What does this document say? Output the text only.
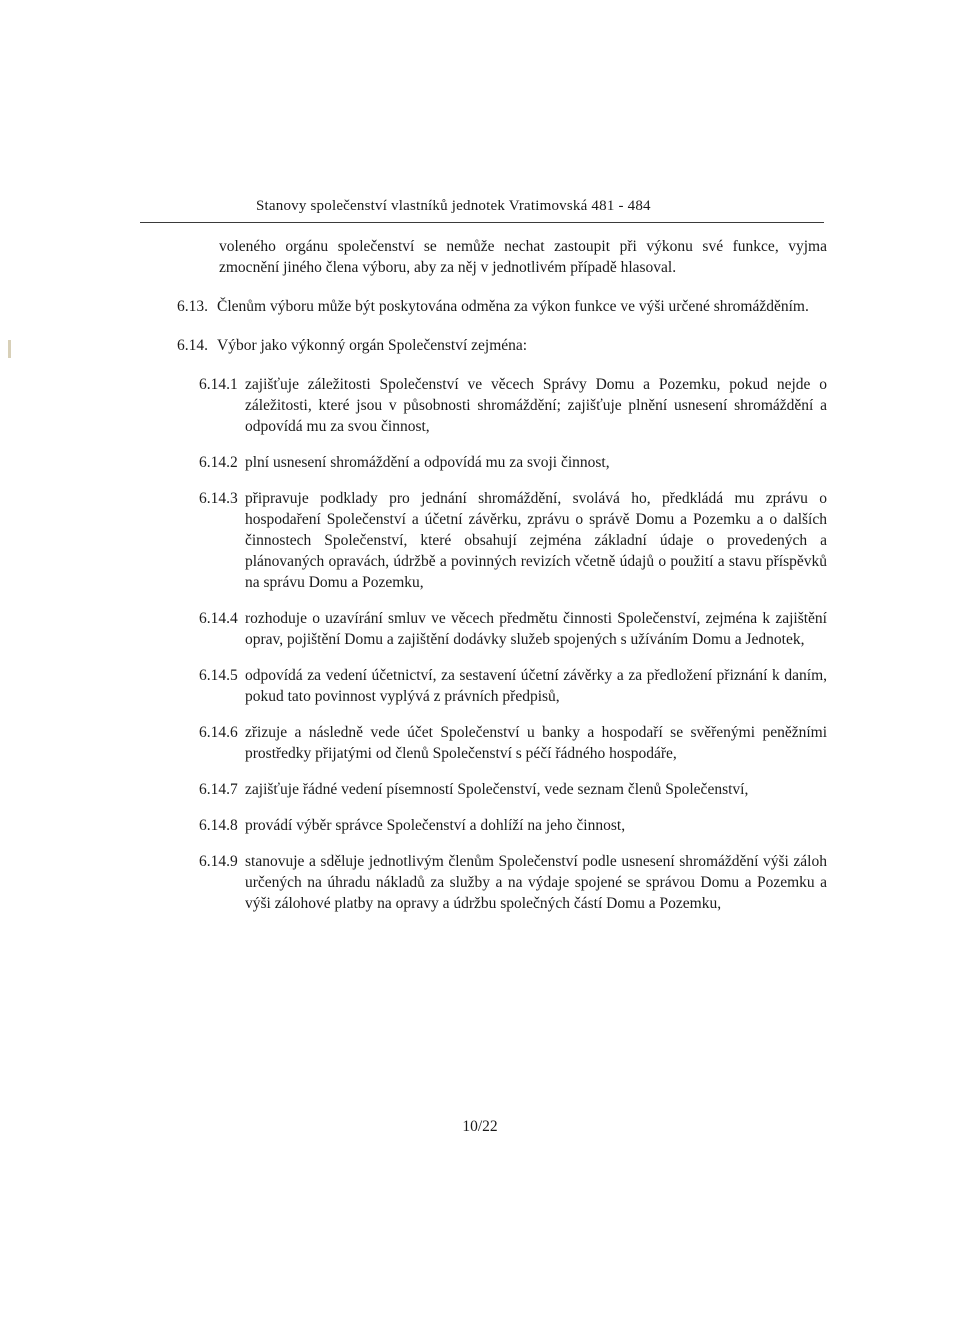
Stanovy společenství vlastníků jednotek Vratimovská 481 - 484
voleného orgánu společenství se nemůže nechat zastoupit při výkonu své funkce, vyjma zmocnění jiného člena výboru, aby za něj v jednotlivém případě hlasoval.
6.13. Členům výboru může být poskytována odměna za výkon funkce ve výši určené shromážděním.
6.14. Výbor jako výkonný orgán Společenství zejména:
6.14.1 zajišťuje záležitosti Společenství ve věcech Správy Domu a Pozemku, pokud nejde o záležitosti, které jsou v působnosti shromáždění; zajišťuje plnění usnesení shromáždění a odpovídá mu za svou činnost,
6.14.2 plní usnesení shromáždění a odpovídá mu za svoji činnost,
6.14.3 připravuje podklady pro jednání shromáždění, svolává ho, předkládá mu zprávu o hospodaření Společenství a účetní závěrku, zprávu o správě Domu a Pozemku a o dalších činnostech Společenství, které obsahují zejména základní údaje o provedených a plánovaných opravách, údržbě a povinných revizích včetně údajů o použití a stavu příspěvků na správu Domu a Pozemku,
6.14.4 rozhoduje o uzavírání smluv ve věcech předmětu činnosti Společenství, zejména k zajištění oprav, pojištění Domu a zajištění dodávky služeb spojených s užíváním Domu a Jednotek,
6.14.5 odpovídá za vedení účetnictví, za sestavení účetní závěrky a za předložení přiznání k daním, pokud tato povinnost vyplývá z právních předpisů,
6.14.6 zřizuje a následně vede účet Společenství u banky a hospodaří se svěřenými peněžními prostředky přijatými od členů Společenství s péčí řádného hospodáře,
6.14.7 zajišťuje řádné vedení písemností Společenství, vede seznam členů Společenství,
6.14.8 provádí výběr správce Společenství a dohlíží na jeho činnost,
6.14.9 stanovuje a sděluje jednotlivým členům Společenství podle usnesení shromáždění výši záloh určených na úhradu nákladů za služby a na výdaje spojené se správou Domu a Pozemku a výši zálohové platby na opravy a údržbu společných částí Domu a Pozemku,
10/22
